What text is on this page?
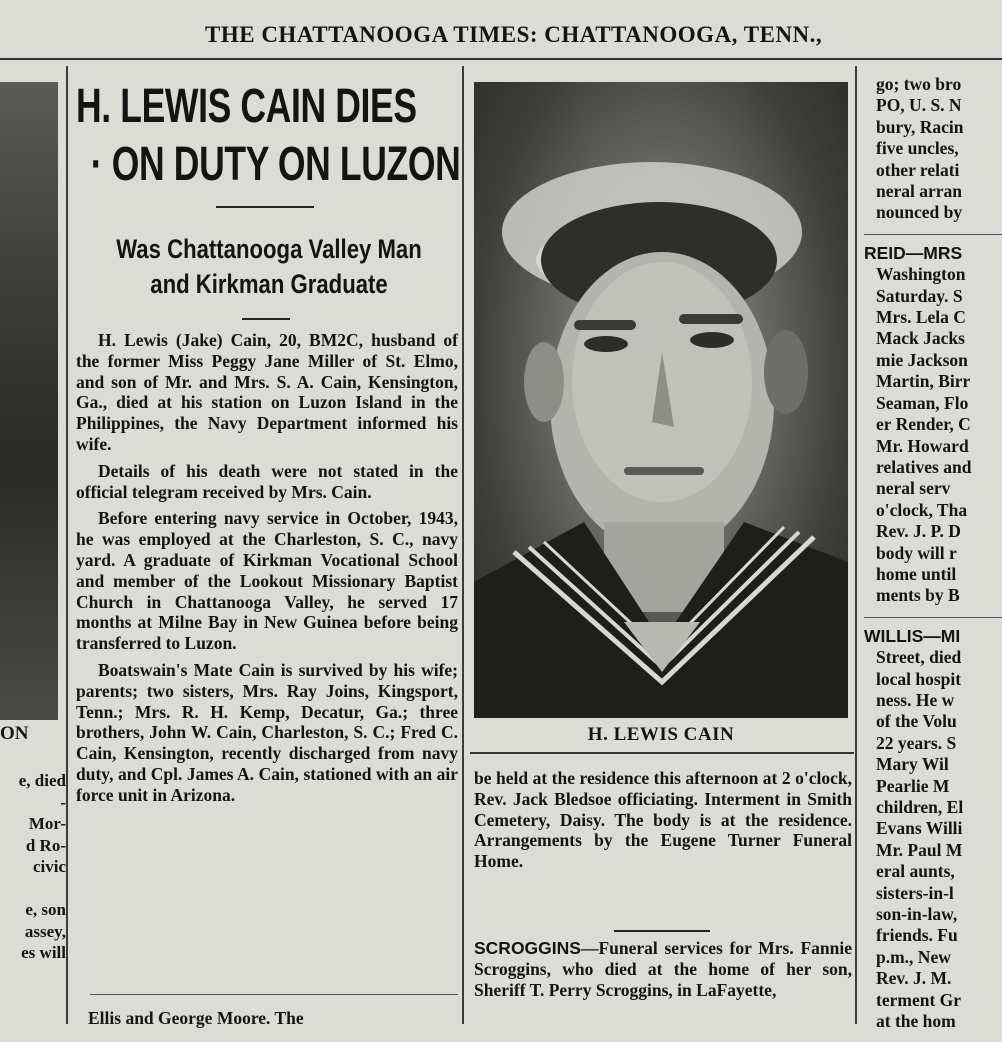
THE CHATTANOOGA TIMES: CHATTANOOGA, TENN.,
ON
e, died
-
Mor-
d Ro-
civic

e, son
assey,
es will
H. LEWIS CAIN DIES
· ON DUTY ON LUZON
Was Chattanooga Valley Man
and Kirkman Graduate

H. Lewis (Jake) Cain, 20, BM2C, husband of the former Miss Peggy Jane Miller of St. Elmo, and son of Mr. and Mrs. S. A. Cain, Kensington, Ga., died at his station on Luzon Island in the Philippines, the Navy Department informed his wife.

Details of his death were not stated in the official telegram received by Mrs. Cain.

Before entering navy service in October, 1943, he was employed at the Charleston, S. C., navy yard. A graduate of Kirkman Vocational School and member of the Lookout Missionary Baptist Church in Chattanooga Valley, he served 17 months at Milne Bay in New Guinea before being transferred to Luzon.

Boatswain's Mate Cain is survived by his wife; parents; two sisters, Mrs. Ray Joins, Kingsport, Tenn.; Mrs. R. H. Kemp, Decatur, Ga.; three brothers, John W. Cain, Charleston, S. C.; Fred C. Cain, Kensington, recently discharged from navy duty, and Cpl. James A. Cain, stationed with an air force unit in Arizona.

Ellis and George Moore. The
H. LEWIS CAIN

be held at the residence this afternoon at 2 o'clock, Rev. Jack Bledsoe officiating. Interment in Smith Cemetery, Daisy. The body is at the residence. Arrangements by the Eugene Turner Funeral Home.

SCROGGINS—Funeral services for Mrs. Fannie Scroggins, who died at the home of her son, Sheriff T. Perry Scroggins, in LaFayette,

go; two bro
PO, U. S. N
bury, Racin
five uncles,
other relati
neral arran
nounced by
REID—MRS
Washington
Saturday. S
Mrs. Lela C
Mack Jacks
mie Jackson
Martin, Birr
Seaman, Flo
er Render, C
Mr. Howard
relatives and
neral serv
o'clock, Tha
Rev. J. P. D
body will r
home until
ments by B
WILLIS—MI
Street, died
local hospit
ness. He w
of the Volu
22 years. S
Mary Wil
Pearlie M
children, El
Evans Willi
Mr. Paul M
eral aunts,
sisters-in-l
son-in-law,
friends. Fu
p.m., New
Rev. J. M.
terment Gr
at the hom
